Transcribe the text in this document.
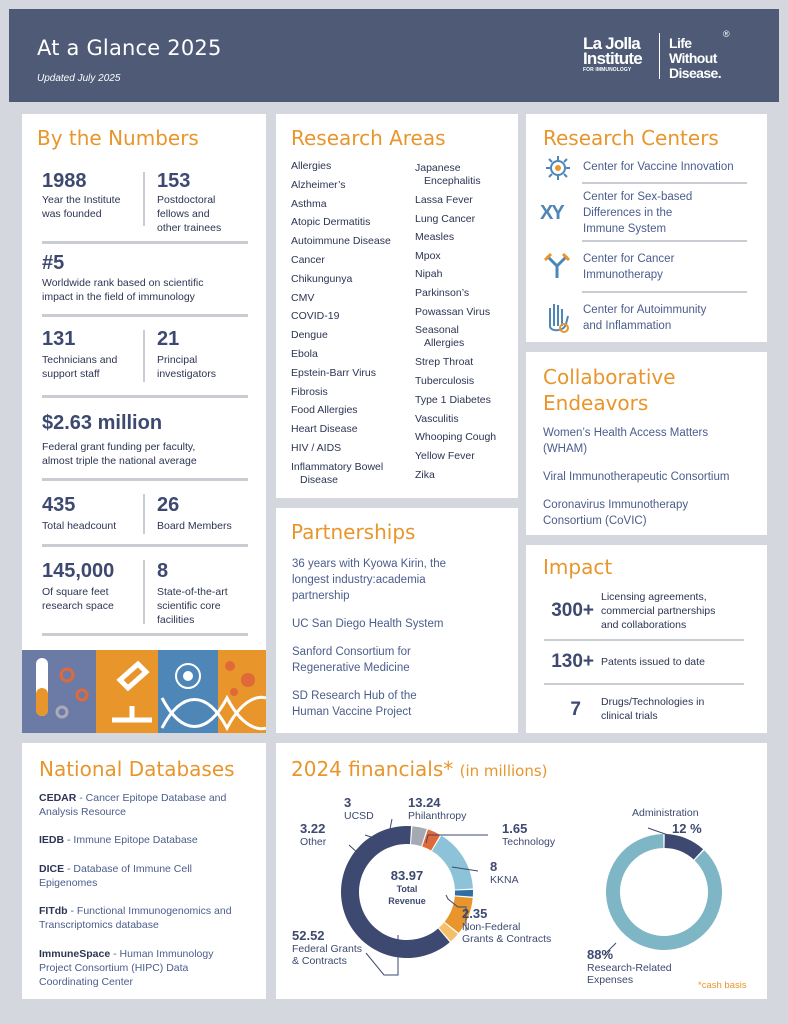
At a Glance 2025
Updated July 2025
La Jolla
Institute
FOR IMMUNOLOGY
Life
Without
Disease.
®
By the Numbers
1988
Year the Institute
was founded
153
Postdoctoral
fellows and
other trainees
#5
Worldwide rank based on scientific
impact in the field of immunology
131
Technicians and
support staff
21
Principal
investigators
$2.63 million
Federal grant funding per faculty,
almost triple the national average
435
Total headcount
26
Board Members
145,000
Of square feet
research space
8
State-of-the-art
scientific core
facilities
Research Areas
Allergies
Alzheimer’s
Asthma
Atopic Dermatitis
Autoimmune Disease
Cancer
Chikungunya
CMV
COVID-19
Dengue
Ebola
Epstein-Barr Virus
Fibrosis
Food Allergies
Heart Disease
HIV / AIDS
Inflammatory Bowel
Disease
Japanese
Encephalitis
Lassa Fever
Lung Cancer
Measles
Mpox
Nipah
Parkinson’s
Powassan Virus
Seasonal
Allergies
Strep Throat
Tuberculosis
Type 1 Diabetes
Vasculitis
Whooping Cough
Yellow Fever
Zika
Research Centers
Center for Vaccine Innovation
XY
Center for Sex-based
Differences in the
Immune System
Center for Cancer
Immunotherapy
Center for Autoimmunity
and Inflammation
Collaborative
Endeavors
Women’s Health Access Matters
(WHAM)
Viral Immunotherapeutic Consortium
Coronavirus Immunotherapy
Consortium (CoVIC)
Partnerships
36 years with Kyowa Kirin, the
longest industry:academia
partnership
UC San Diego Health System
Sanford Consortium for
Regenerative Medicine
SD Research Hub of the
Human Vaccine Project
Impact
300+
Licensing agreements,
commercial partnerships
and collaborations
130+ Patents issued to date
7 Drugs/Technologies in
clinical trials
National Databases
CEDAR - Cancer Epitope Database and
Analysis Resource
IEDB - Immune Epitope Database
DICE - Database of Immune Cell
Epigenomes
FITdb - Functional Immunogenomics and
Transcriptomics database
ImmuneSpace - Human Immunology
Project Consortium (HIPC) Data
Coordinating Center
2024 financials* (in millions)
83.97
Total
Revenue
3
UCSD
13.24
Philanthropy
3.22
Other
1.65
Technology
8
KKNA
2.35
Non-Federal
Grants & Contracts
52.52
Federal Grants
& Contracts
Administration
12 %
88%
Research-Related
Expenses	*cash basis
